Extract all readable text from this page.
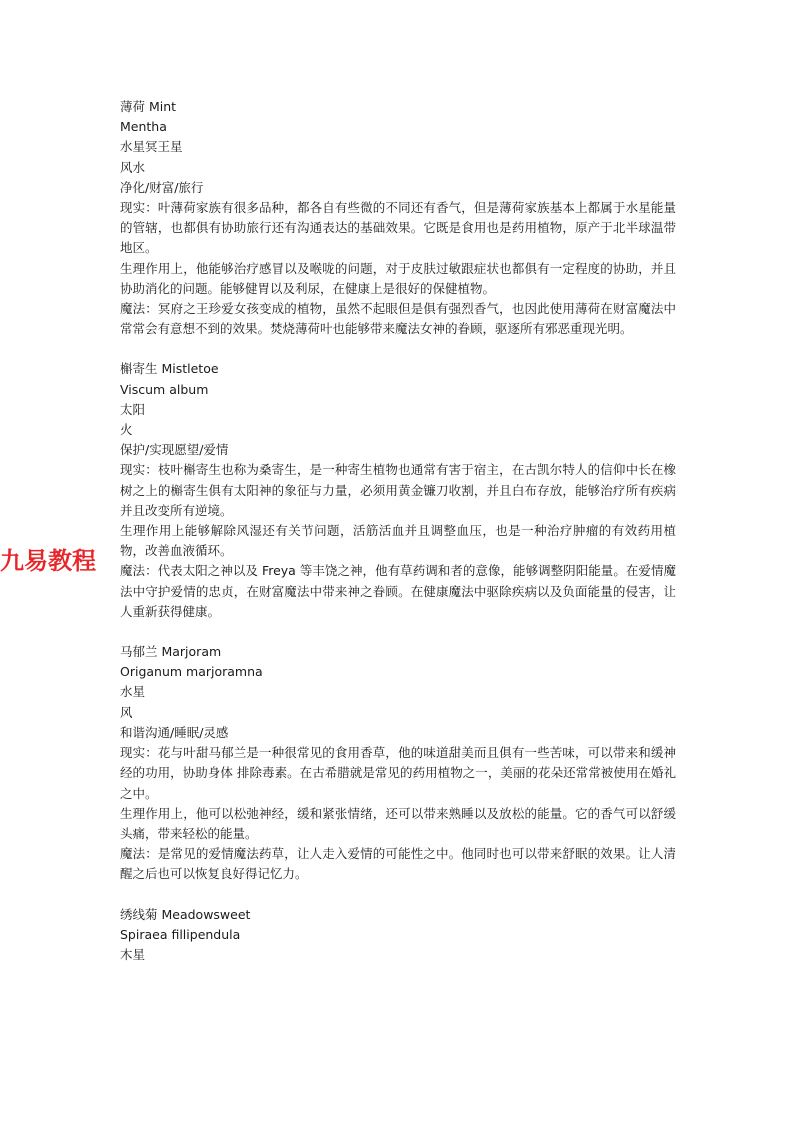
九易教程
薄荷 Mint
Mentha
水星冥王星
风水
净化/财富/旅行
现实：叶薄荷家族有很多品种，都各自有些微的不同还有香气，但是薄荷家族基本上都属于水星能量的管辖，也都俱有协助旅行还有沟通表达的基础效果。它既是食用也是药用植物，原产于北半球温带地区。
生理作用上，他能够治疗感冒以及喉咙的问题，对于皮肤过敏跟症状也都俱有一定程度的协助，并且协助消化的问题。能够健胃以及利尿，在健康上是很好的保健植物。
魔法：冥府之王珍爱女孩变成的植物，虽然不起眼但是俱有强烈香气，也因此使用薄荷在财富魔法中常常会有意想不到的效果。焚烧薄荷叶也能够带来魔法女神的眷顾，驱逐所有邪恶重现光明。
槲寄生 Mistletoe
Viscum album
太阳
火
保护/实现愿望/爱情
现实：枝叶槲寄生也称为桑寄生，是一种寄生植物也通常有害于宿主，在古凯尔特人的信仰中长在橡树之上的槲寄生俱有太阳神的象征与力量，必须用黄金镰刀收割，并且白布存放，能够治疗所有疾病并且改变所有逆境。
生理作用上能够解除风湿还有关节问题，活筋活血并且调整血压，也是一种治疗肿瘤的有效药用植物，改善血液循环。
魔法：代表太阳之神以及 Freya 等丰饶之神，他有草药调和者的意像，能够调整阴阳能量。在爱情魔法中守护爱情的忠贞，在财富魔法中带来神之眷顾。在健康魔法中驱除疾病以及负面能量的侵害，让人重新获得健康。
马郁兰 Marjoram
Origanum marjoramna
水星
风
和谐沟通/睡眠/灵感
现实：花与叶甜马郁兰是一种很常见的食用香草，他的味道甜美而且俱有一些苦味，可以带来和缓神经的功用，协助身体 排除毒素。在古希腊就是常见的药用植物之一，美丽的花朵还常常被使用在婚礼之中。
生理作用上，他可以松弛神经，缓和紧张情绪，还可以带来熟睡以及放松的能量。它的香气可以舒缓头痛，带来轻松的能量。
魔法：是常见的爱情魔法药草，让人走入爱情的可能性之中。他同时也可以带来舒眠的效果。让人清醒之后也可以恢复良好得记忆力。
绣线菊 Meadowsweet
Spiraea fillipendula
木星
